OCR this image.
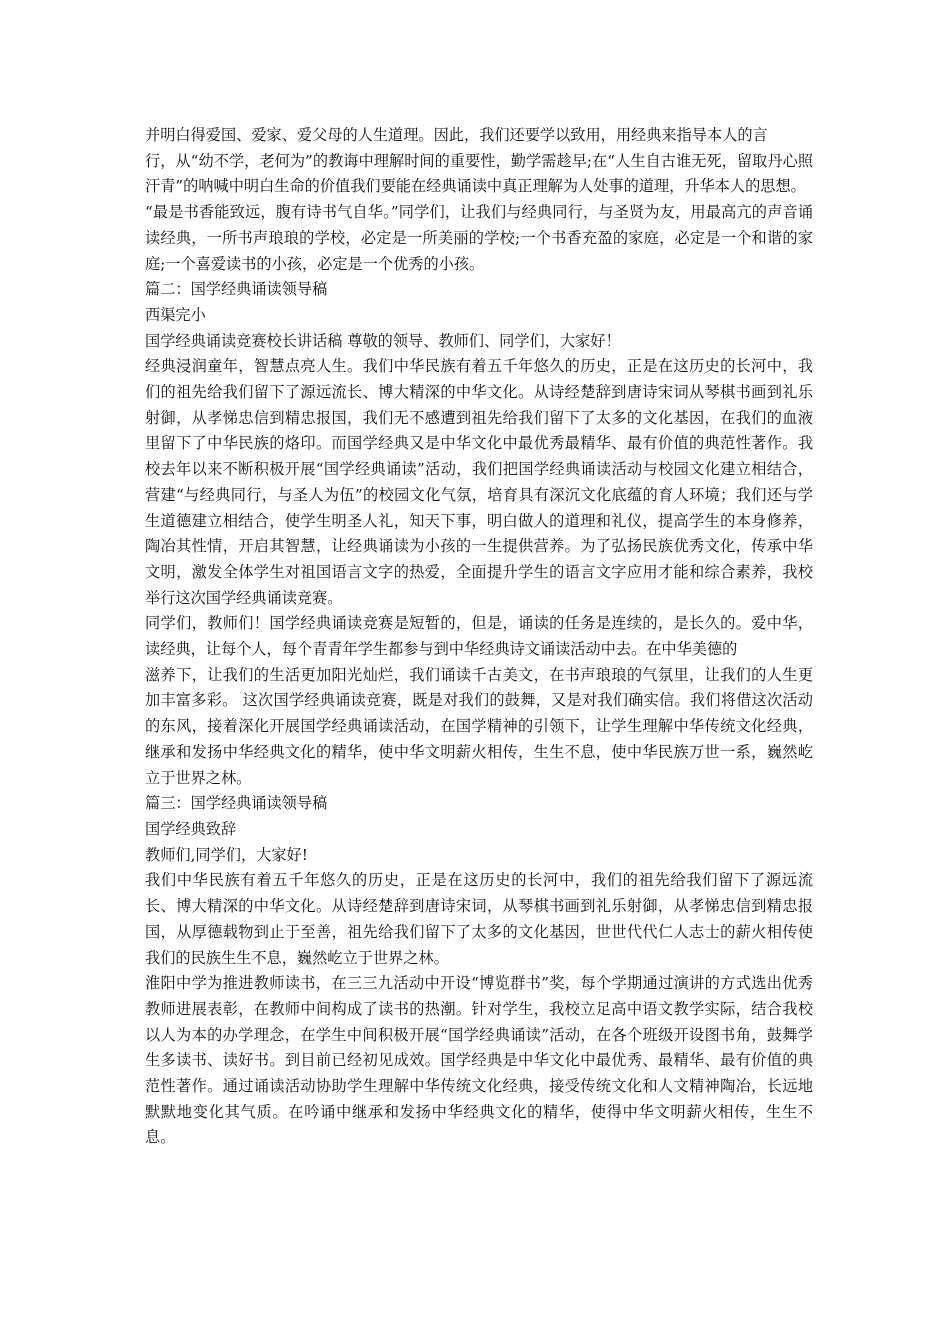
并明白得爱国、爱家、爱父母的人生道理。因此，我们还要学以致用，用经典来指导本人的言

行，从“幼不学，老何为”的教诲中理解时间的重要性，勤学需趁早;在“人生自古谁无死，留取丹心照汗青”的呐喊中明白生命的价值我们要能在经典诵读中真正理解为人处事的道理，升华本人的思想。

“最是书香能致远，腹有诗书气自华。”同学们，让我们与经典同行，与圣贤为友，用最高亢的声音诵读经典，一所书声琅琅的学校，必定是一所美丽的学校;一个书香充盈的家庭，必定是一个和谐的家庭;一个喜爱读书的小孩，必定是一个优秀的小孩。

篇二：国学经典诵读领导稿

西渠完小

国学经典诵读竞赛校长讲话稿 尊敬的领导、教师们、同学们，大家好！

经典浸润童年，智慧点亮人生。我们中华民族有着五千年悠久的历史，正是在这历史的长河中，我们的祖先给我们留下了源远流长、博大精深的中华文化。从诗经楚辞到唐诗宋词从琴棋书画到礼乐射御，从孝悌忠信到精忠报国，我们无不感遭到祖先给我们留下了太多的文化基因，在我们的血液里留下了中华民族的烙印。而国学经典又是中华文化中最优秀最精华、最有价值的典范性著作。我校去年以来不断积极开展“国学经典诵读”活动，我们把国学经典诵读活动与校园文化建立相结合，营建“与经典同行，与圣人为伍”的校园文化气氛，培育具有深沉文化底蕴的育人环境；我们还与学生道德建立相结合，使学生明圣人礼，知天下事，明白做人的道理和礼仪，提高学生的本身修养，陶冶其性情，开启其智慧，让经典诵读为小孩的一生提供营养。为了弘扬民族优秀文化，传承中华文明，激发全体学生对祖国语言文字的热爱，全面提升学生的语言文字应用才能和综合素养，我校举行这次国学经典诵读竞赛。

同学们，教师们！国学经典诵读竞赛是短暂的，但是，诵读的任务是连续的，是长久的。爱中华，读经典，让每个人，每个青青年学生都参与到中华经典诗文诵读活动中去。在中华美德的

滋养下，让我们的生活更加阳光灿烂，我们诵读千古美文，在书声琅琅的气氛里，让我们的人生更加丰富多彩。 这次国学经典诵读竞赛，既是对我们的鼓舞，又是对我们确实信。我们将借这次活动的东风，接着深化开展国学经典诵读活动，在国学精神的引领下，让学生理解中华传统文化经典，继承和发扬中华经典文化的精华，使中华文明薪火相传，生生不息，使中华民族万世一系，巍然屹立于世界之林。

篇三：国学经典诵读领导稿

国学经典致辞

教师们,同学们，大家好!

我们中华民族有着五千年悠久的历史，正是在这历史的长河中，我们的祖先给我们留下了源远流长、博大精深的中华文化。从诗经楚辞到唐诗宋词，从琴棋书画到礼乐射御，从孝悌忠信到精忠报国，从厚德载物到止于至善，祖先给我们留下了太多的文化基因，世世代代仁人志士的薪火相传使我们的民族生生不息，巍然屹立于世界之林。

淮阳中学为推进教师读书，在三三九活动中开设“博览群书”奖，每个学期通过演讲的方式选出优秀教师进展表彰，在教师中间构成了读书的热潮。针对学生，我校立足高中语文教学实际，结合我校以人为本的办学理念，在学生中间积极开展“国学经典诵读”活动，在各个班级开设图书角，鼓舞学生多读书、读好书。到目前已经初见成效。国学经典是中华文化中最优秀、最精华、最有价值的典范性著作。通过诵读活动协助学生理解中华传统文化经典，接受传统文化和人文精神陶冶，长远地默默地变化其气质。在吟诵中继承和发扬中华经典文化的精华，使得中华文明薪火相传，生生不息。
